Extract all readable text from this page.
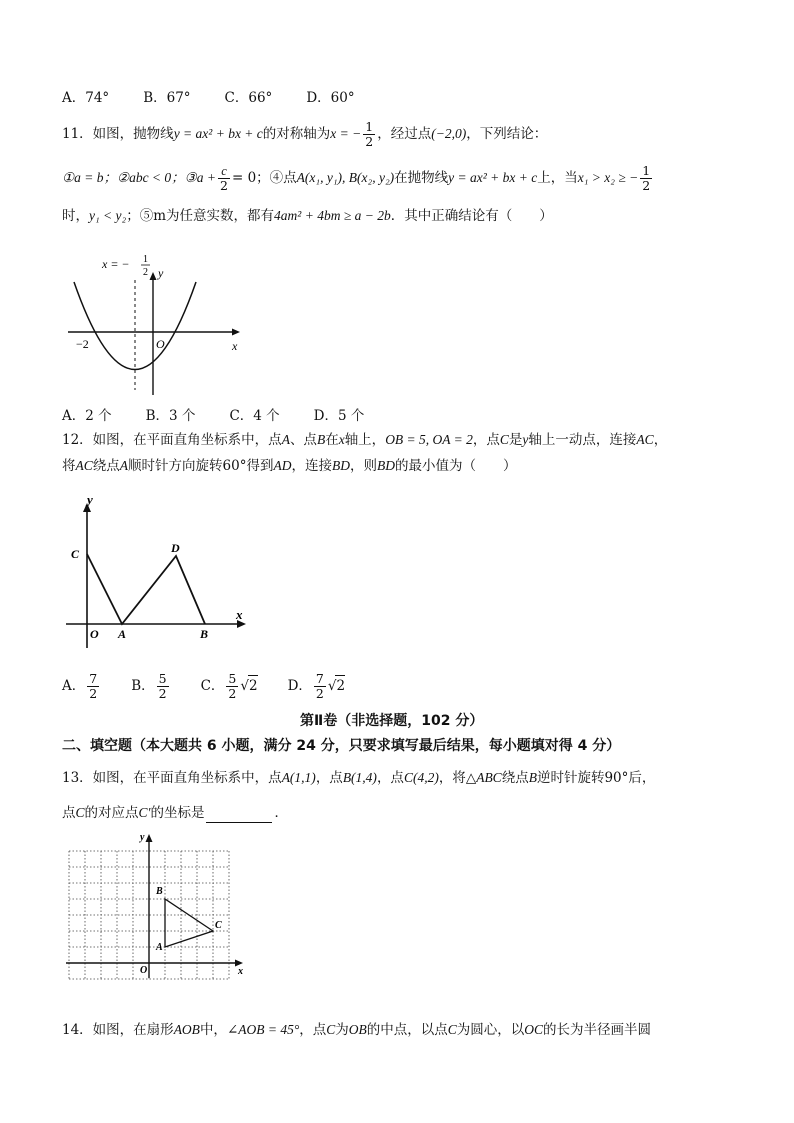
A．74°	B．67°	C．66°	D．60°
11．如图，抛物线y = ax² + bx + c的对称轴为x = − $\frac{1}{2}$ ，经过点(−2,0)，下列结论：
①a = b；②abc < 0；③a + $\frac{c}{2} = 0$；④点A(x₁, y₁), B(x₂, y₂)在抛物线y = ax² + bx + c上，当x₁ > x₂ ≥ − $\frac{1}{2}$
时，y₁ < y₂；⑤m为任意实数，都有4am² + 4bm ≥ a − 2b．其中正确结论有（　　）
x = − 1
2 y
x
O
−2
A．2 个	B．3 个	C．4 个	D．5 个
12．如图，在平面直角坐标系中，点A、点B在x轴上，OB = 5, OA = 2，点C是y轴上一动点，连接AC，
将AC绕点A顺时针方向旋转60°得到AD，连接BD，则BD的最小值为（　　）
y
x
C	D
O A	B
A． $\frac{7}{2}$ B． $\frac{5}{2}$ C． $\frac{5}{2} √2$ D． $\frac{7}{2} √2$
第Ⅱ卷（非选择题，102 分）
二、填空题（本大题共 6 小题，满分 24 分，只要求填写最后结果，每小题填对得 4 分）
13．如图，在平面直角坐标系中，点A(1,1)，点B(1,4)，点C(4,2)，将△ABC绕点B逆时针旋转90°后，
点C的对应点C′的坐标是	．
y
x
O
A
B
C
14．如图，在扇形AOB中，∠AOB = 45°，点C为OB的中点，以点C为圆心，以OC的长为半径画半圆
